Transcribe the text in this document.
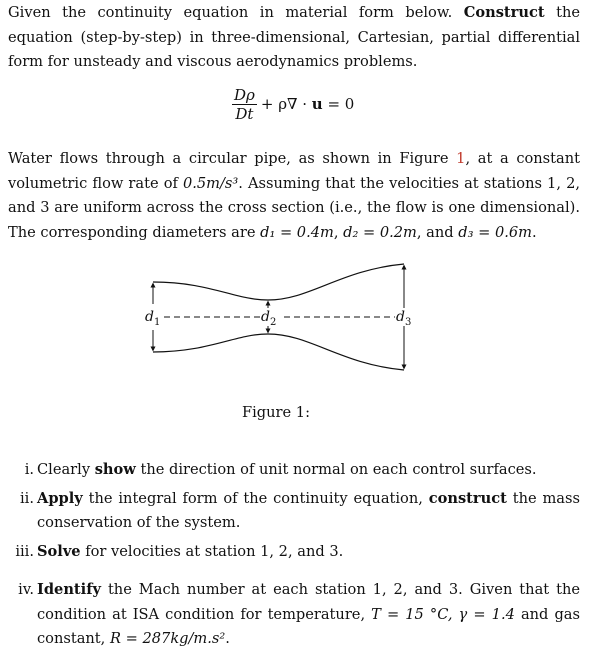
Given the continuity equation in material form below. Construct the equation (step-by-step) in three-dimensional, Cartesian, partial differential form for unsteady and viscous aerodynamics problems.

$\frac{D\rho}{Dt} + \rho\nabla \cdot u = 0$

Water flows through a circular pipe, as shown in Figure 1, at a constant volumetric flow rate of 0.5m/s³. Assuming that the velocities at stations 1, 2, and 3 are uniform across the cross section (i.e., the flow is one dimensional). The corresponding diameters are d₁ = 0.4m, d₂ = 0.2m, and d₃ = 0.6m.

$d_1$	$d_2$	$d_3$
Figure 1:
i. Clearly show the direction of unit normal on each control surfaces.
ii. Apply the integral form of the continuity equation, construct the mass conservation of the system.
iii. Solve for velocities at station 1, 2, and 3.
iv. Identify the Mach number at each station 1, 2, and 3. Given that the condition at ISA condition for temperature, T = 15 °C, γ = 1.4 and gas constant, R = 287kg/m.s².
